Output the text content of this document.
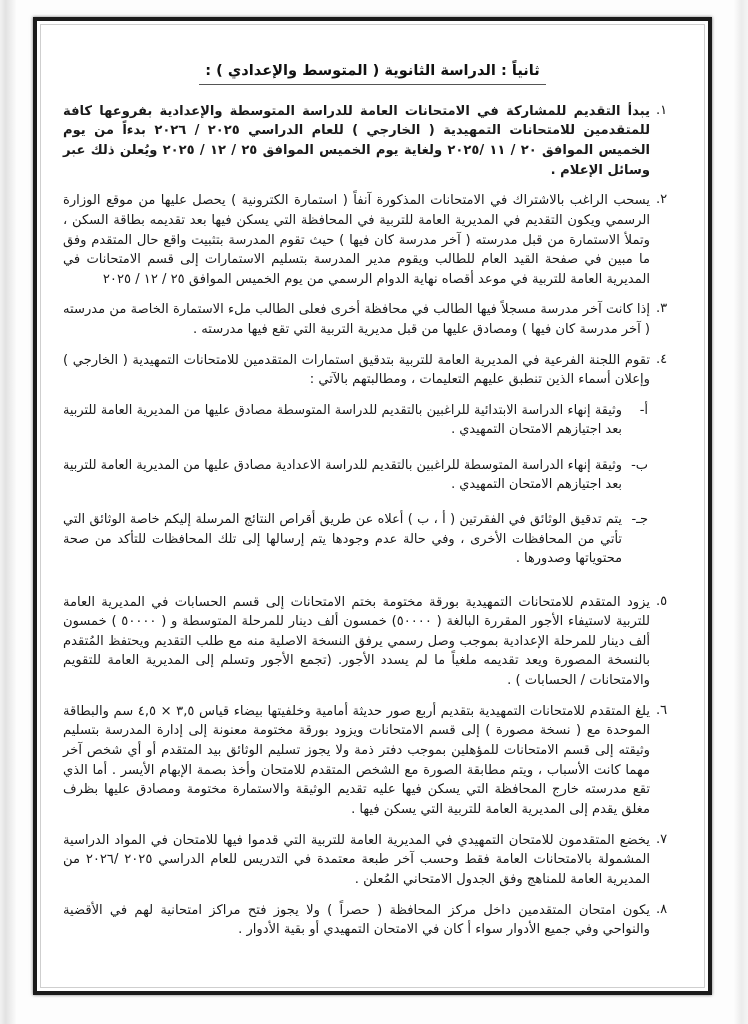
ثانياً : الدراسة الثانوية ( المتوسط والإعدادي ) :
١.
يبدأ التقديم للمشاركة في الامتحانات العامة للدراسة المتوسطة والإعدادية بفروعها كافة للمتقدمين للامتحانات التمهيدية ( الخارجي ) للعام الدراسي ٢٠٢٥ / ٢٠٢٦ بدءاً من يوم الخميس الموافق ٢٠ / ١١ /٢٠٢٥ ولغاية يوم الخميس الموافق ٢٥ / ١٢ / ٢٠٢٥ ويُعلن ذلك عبر وسائل الإعلام .
٢.
يسحب الراغب بالاشتراك في الامتحانات المذكورة آنفاً ( استمارة الكترونية ) يحصل عليها من موقع الوزارة الرسمي ويكون التقديم في المديرية العامة للتربية في المحافظة التي يسكن فيها بعد تقديمه بطاقة السكن ، وتملأ الاستمارة من قبل مدرسته ( آخر مدرسة كان فيها ) حيث تقوم المدرسة بتثبيت واقع حال المتقدم وفق ما مبين في صفحة القيد العام للطالب ويقوم مدير المدرسة بتسليم الاستمارات إلى قسم الامتحانات في المديرية العامة للتربية في موعد أقصاه نهاية الدوام الرسمي من يوم الخميس الموافق ٢٥ / ١٢ / ٢٠٢٥
٣.
إذا كانت آخر مدرسة مسجلاً فيها الطالب في محافظة أخرى فعلى الطالب ملء الاستمارة الخاصة من مدرسته ( آخر مدرسة كان فيها ) ومصادق عليها من قبل مديرية التربية التي تقع فيها مدرسته .
٤.
تقوم اللجنة الفرعية في المديرية العامة للتربية بتدقيق استمارات المتقدمين للامتحانات التمهيدية ( الخارجي ) وإعلان أسماء الذين تنطبق عليهم التعليمات ، ومطالبتهم بالآتي :
أ-
وثيقة إنهاء الدراسة الابتدائية للراغبين بالتقديم للدراسة المتوسطة مصادق عليها من المديرية العامة للتربية بعد اجتيازهم الامتحان التمهيدي .
ب-
وثيقة إنهاء الدراسة المتوسطة للراغبين بالتقديم للدراسة الاعدادية مصادق عليها من المديرية العامة للتربية بعد اجتيازهم الامتحان التمهيدي .
جـ-
يتم تدقيق الوثائق في الفقرتين ( أ ، ب ) أعلاه عن طريق أقراص النتائج المرسلة إليكم خاصة الوثائق التي تأتي من المحافظات الأخرى ، وفي حالة عدم وجودها يتم إرسالها إلى تلك المحافظات للتأكد من صحة محتوياتها وصدورها .
٥.
يزود المتقدم للامتحانات التمهيدية بورقة مختومة بختم الامتحانات إلى قسم الحسابات في المديرية العامة للتربية لاستيفاء الأجور المقررة البالغة ( ٥٠٠٠٠) خمسون ألف دينار للمرحلة المتوسطة و ( ٥٠٠٠٠ ) خمسون ألف دينار للمرحلة الإعدادية بموجب وصل رسمي يرفق النسخة الاصلية منه مع طلب التقديم ويحتفظ المُتقدم بالنسخة المصورة ويعد تقديمه ملغياً ما لم يسدد الأجور. (تجمع الأجور وتسلم إلى المديرية العامة للتقويم والامتحانات / الحسابات ) .
٦.
يلغ المتقدم للامتحانات التمهيدية بتقديم أربع صور حديثة أمامية وخلفيتها بيضاء قياس ٣,٥ × ٤,٥ سم والبطاقة الموحدة مع ( نسخة مصورة ) إلى قسم الامتحانات ويزود بورقة مختومة معنونة إلى إدارة المدرسة بتسليم وثيقته إلى قسم الامتحانات للمؤهلين بموجب دفتر ذمة ولا يجوز تسليم الوثائق بيد المتقدم أو أي شخص آخر مهما كانت الأسباب ، ويتم مطابقة الصورة مع الشخص المتقدم للامتحان وأخذ بصمة الإبهام الأيسر . أما الذي تقع مدرسته خارج المحافظة التي يسكن فيها عليه تقديم الوثيقة والاستمارة مختومة ومصادق عليها بظرف مغلق يقدم إلى المديرية العامة للتربية التي يسكن فيها .
٧.
يخضع المتقدمون للامتحان التمهيدي في المديرية العامة للتربية التي قدموا فيها للامتحان في المواد الدراسية المشمولة بالامتحانات العامة فقط وحسب آخر طبعة معتمدة في التدريس للعام الدراسي ٢٠٢٥ /٢٠٢٦ من المديرية العامة للمناهج وفق الجدول الامتحاني المُعلن .
٨.
يكون امتحان المتقدمين داخل مركز المحافظة ( حصراً ) ولا يجوز فتح مراكز امتحانية لهم في الأقضية والنواحي وفي جميع الأدوار سواء أ كان في الامتحان التمهيدي أو بقية الأدوار .
